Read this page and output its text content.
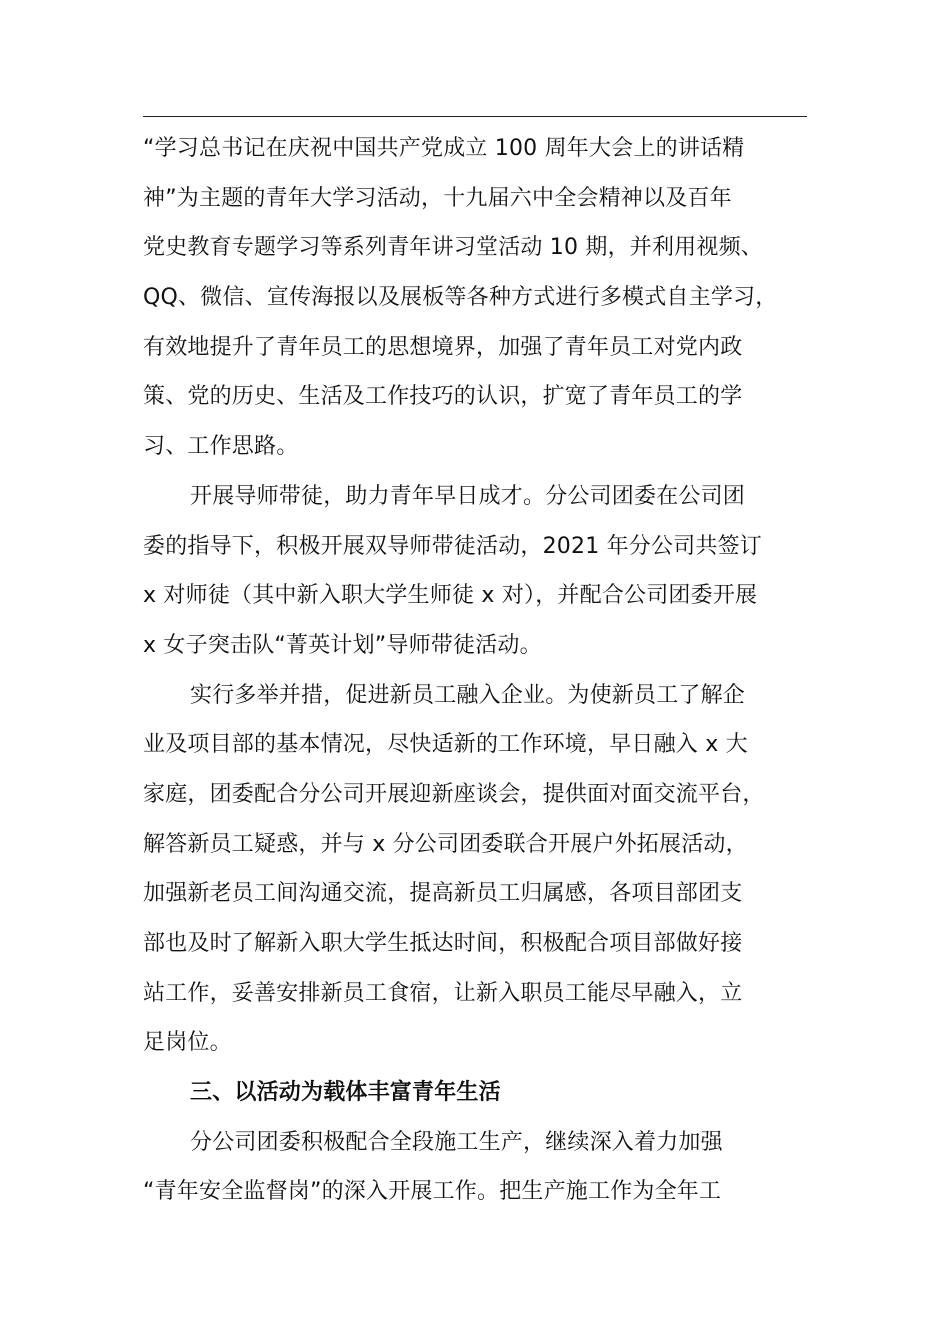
“学习总书记在庆祝中国共产党成立 100 周年大会上的讲话精
神”为主题的青年大学习活动，十九届六中全会精神以及百年
党史教育专题学习等系列青年讲习堂活动 10 期，并利用视频、
QQ、微信、宣传海报以及展板等各种方式进行多模式自主学习，
有效地提升了青年员工的思想境界，加强了青年员工对党内政
策、党的历史、生活及工作技巧的认识，扩宽了青年员工的学
习、工作思路。
开展导师带徒，助力青年早日成才。分公司团委在公司团
委的指导下，积极开展双导师带徒活动，2021 年分公司共签订
x 对师徒（其中新入职大学生师徒 x 对），并配合公司团委开展
x 女子突击队“菁英计划”导师带徒活动。
实行多举并措，促进新员工融入企业。为使新员工了解企
业及项目部的基本情况，尽快适新的工作环境，早日融入 x 大
家庭，团委配合分公司开展迎新座谈会，提供面对面交流平台，
解答新员工疑惑，并与 x 分公司团委联合开展户外拓展活动，
加强新老员工间沟通交流，提高新员工归属感，各项目部团支
部也及时了解新入职大学生抵达时间，积极配合项目部做好接
站工作，妥善安排新员工食宿，让新入职员工能尽早融入，立
足岗位。
三、以活动为载体丰富青年生活
分公司团委积极配合全段施工生产，继续深入着力加强
“青年安全监督岗”的深入开展工作。把生产施工作为全年工
